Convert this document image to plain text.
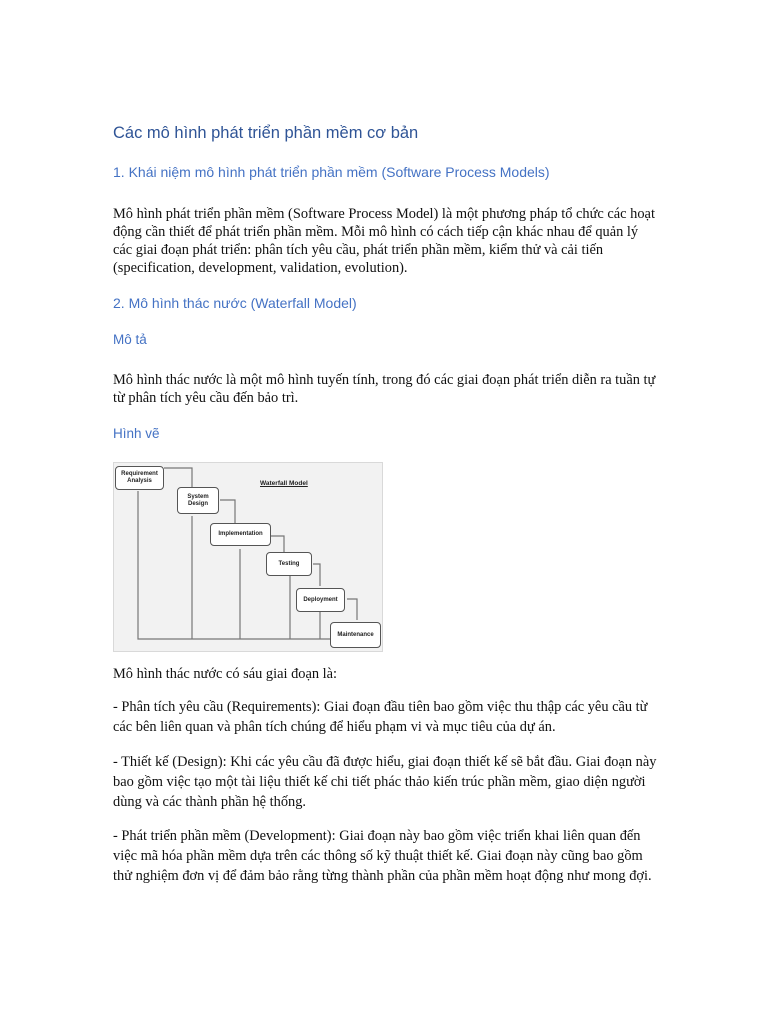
Các mô hình phát triển phần mềm cơ bản
1. Khái niệm mô hình phát triển phần mềm (Software Process Models)

Mô hình phát triển phần mềm (Software Process Model) là một phương pháp tổ chức các hoạt động cần thiết để phát triển phần mềm. Mỗi mô hình có cách tiếp cận khác nhau để quản lý các giai đoạn phát triển: phân tích yêu cầu, phát triển phần mềm, kiểm thử và cải tiến (specification, development, validation, evolution).

2. Mô hình thác nước (Waterfall Model)
Mô tả

Mô hình thác nước là một mô hình tuyến tính, trong đó các giai đoạn phát triển diễn ra tuần tự từ phân tích yêu cầu đến bảo trì.

Hình vẽ
Waterfall Model
Requirement Analysis
System Design
Implementation
Testing
Deployment
Maintenance

Mô hình thác nước có sáu giai đoạn là:

- Phân tích yêu cầu (Requirements): Giai đoạn đầu tiên bao gồm việc thu thập các yêu cầu từ các bên liên quan và phân tích chúng để hiểu phạm vi và mục tiêu của dự án.

- Thiết kế (Design): Khi các yêu cầu đã được hiểu, giai đoạn thiết kế sẽ bắt đầu. Giai đoạn này bao gồm việc tạo một tài liệu thiết kế chi tiết phác thảo kiến trúc phần mềm, giao diện người dùng và các thành phần hệ thống.

- Phát triển phần mềm (Development): Giai đoạn này bao gồm việc triển khai liên quan đến việc mã hóa phần mềm dựa trên các thông số kỹ thuật thiết kế. Giai đoạn này cũng bao gồm thử nghiệm đơn vị để đảm bảo rằng từng thành phần của phần mềm hoạt động như mong đợi.
